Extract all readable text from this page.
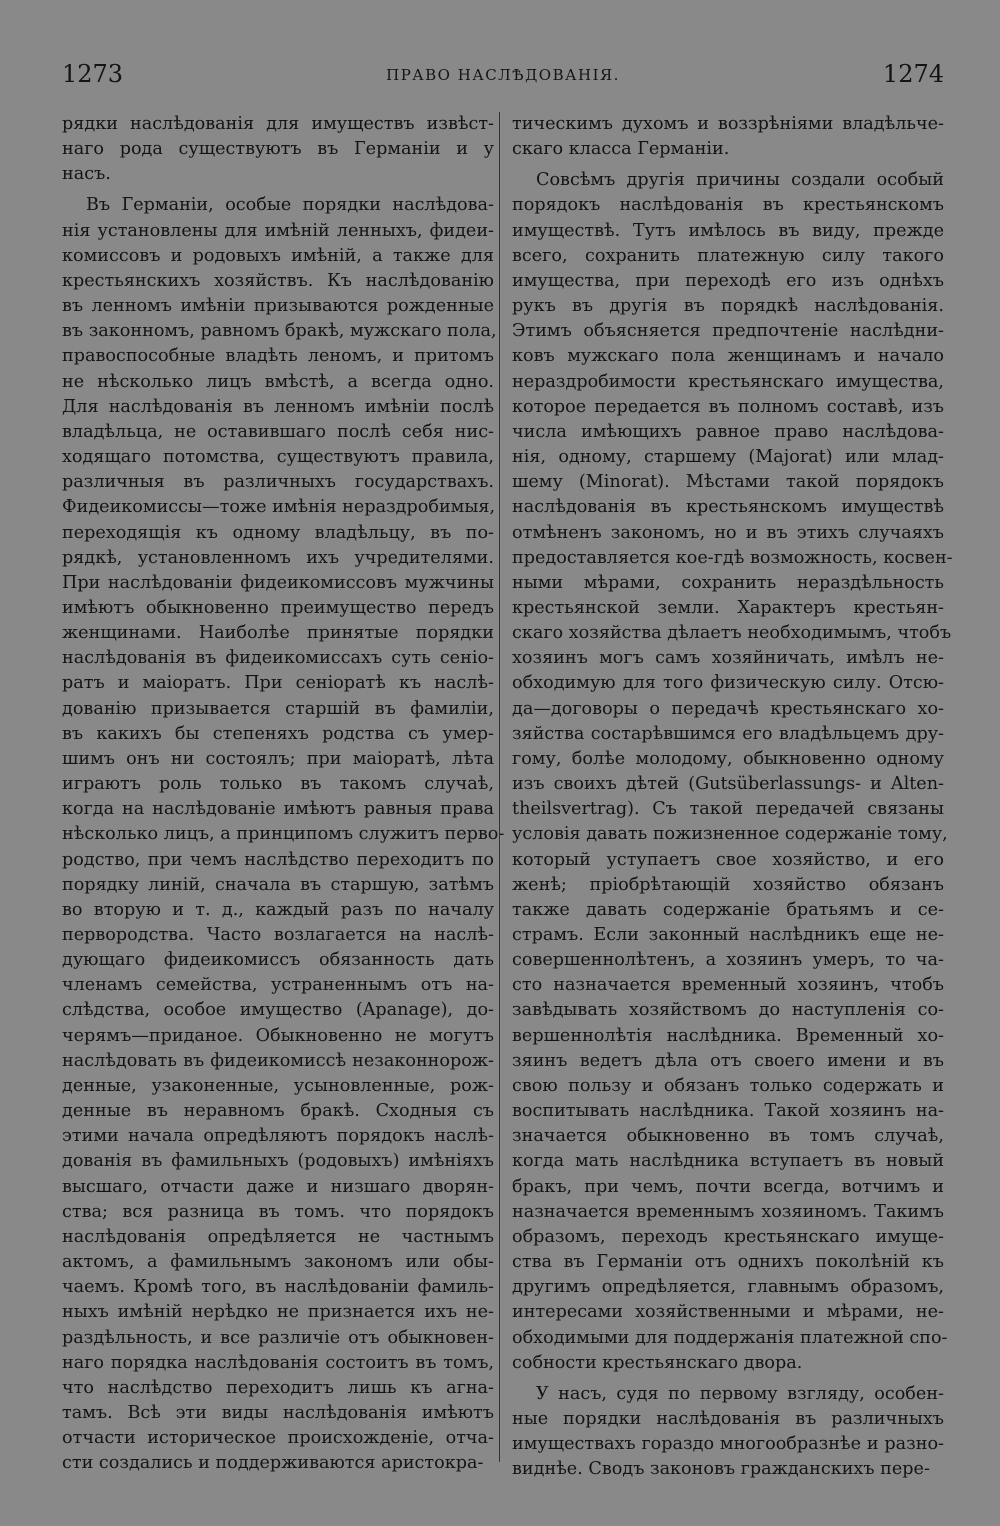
1273	ПРАВО НАСЛѢДОВАНІЯ.	1274
рядки наслѣдованія для имуществъ извѣст-
наго рода существуютъ въ Германіи и у
насъ.
Въ Германіи, особые порядки наслѣдова-
нія установлены для имѣній ленныхъ, фидеи-
комиссовъ и родовыхъ имѣній, а также для
крестьянскихъ хозяйствъ. Къ наслѣдованію
въ ленномъ имѣніи призываются рожденные
въ законномъ, равномъ бракѣ, мужскаго пола,
правоспособные владѣть леномъ, и притомъ
не нѣсколько лицъ вмѣстѣ, а всегда одно.
Для наслѣдованія въ ленномъ имѣніи послѣ
владѣльца, не оставившаго послѣ себя нис-
ходящаго потомства, существуютъ правила,
различныя въ различныхъ государствахъ.
Фидеикомиссы—тоже имѣнія нераздробимыя,
переходящія къ одному владѣльцу, въ по-
рядкѣ, установленномъ ихъ учредителями.
При наслѣдованіи фидеикомиссовъ мужчины
имѣютъ обыкновенно преимущество передъ
женщинами. Наиболѣе принятые порядки
наслѣдованія въ фидеикомиссахъ суть сеніо-
ратъ и маіоратъ. При сеніоратѣ къ наслѣ-
дованію призывается старшій въ фамиліи,
въ какихъ бы степеняхъ родства съ умер-
шимъ онъ ни состоялъ; при маіоратѣ, лѣта
играютъ роль только въ такомъ случаѣ,
когда на наслѣдованіе имѣютъ равныя права
нѣсколько лицъ, а принципомъ служитъ перво-
родство, при чемъ наслѣдство переходитъ по
порядку линій, сначала въ старшую, затѣмъ
во вторую и т. д., каждый разъ по началу
первородства. Часто возлагается на наслѣ-
дующаго фидеикомиссъ обязанность дать
членамъ семейства, устраненнымъ отъ на-
слѣдства, особое имущество (Apanage), до-
черямъ—приданое. Обыкновенно не могутъ
наслѣдовать въ фидеикомиссѣ незаконнорож-
денные, узаконенные, усыновленные, рож-
денные въ неравномъ бракѣ. Сходныя съ
этими начала опредѣляютъ порядокъ наслѣ-
дованія въ фамильныхъ (родовыхъ) имѣніяхъ
высшаго, отчасти даже и низшаго дворян-
ства; вся разница въ томъ. что порядокъ
наслѣдованія опредѣляется не частнымъ
актомъ, а фамильнымъ закономъ или обы-
чаемъ. Кромѣ того, въ наслѣдованіи фамиль-
ныхъ имѣній нерѣдко не признается ихъ не-
раздѣльность, и все различіе отъ обыкновен-
наго порядка наслѣдованія состоитъ въ томъ,
что наслѣдство переходитъ лишь къ агна-
тамъ. Всѣ эти виды наслѣдованія имѣютъ
отчасти историческое происхожденіе, отча-
сти создались и поддерживаются аристокра-
тическимъ духомъ и воззрѣніями владѣльче-
скаго класса Германіи.
Совсѣмъ другія причины создали особый
порядокъ наслѣдованія въ крестьянскомъ
имуществѣ. Тутъ имѣлось въ виду, прежде
всего, сохранить платежную силу такого
имущества, при переходѣ его изъ однѣхъ
рукъ въ другія въ порядкѣ наслѣдованія.
Этимъ объясняется предпочтеніе наслѣдни-
ковъ мужскаго пола женщинамъ и начало
нераздробимости крестьянскаго имущества,
которое передается въ полномъ составѣ, изъ
числа имѣющихъ равное право наслѣдова-
нія, одному, старшему (Majorat) или млад-
шему (Minorat). Мѣстами такой порядокъ
наслѣдованія въ крестьянскомъ имуществѣ
отмѣненъ закономъ, но и въ этихъ случаяхъ
предоставляется кое-гдѣ возможность, косвен-
ными мѣрами, сохранить нераздѣльность
крестьянской земли. Характеръ крестьян-
скаго хозяйства дѣлаетъ необходимымъ, чтобъ
хозяинъ могъ самъ хозяйничать, имѣлъ не-
обходимую для того физическую силу. Отсю-
да—договоры о передачѣ крестьянскаго хо-
зяйства состарѣвшимся его владѣльцемъ дру-
гому, болѣе молодому, обыкновенно одному
изъ своихъ дѣтей (Gutsüberlassungs- и Alten-
theilsvertrag). Съ такой передачей связаны
условія давать пожизненное содержаніе тому,
который уступаетъ свое хозяйство, и его
женѣ; пріобрѣтающій хозяйство обязанъ
также давать содержаніе братьямъ и се-
страмъ. Если законный наслѣдникъ еще не-
совершеннолѣтенъ, а хозяинъ умеръ, то ча-
сто назначается временный хозяинъ, чтобъ
завѣдывать хозяйствомъ до наступленія со-
вершеннолѣтія наслѣдника. Временный хо-
зяинъ ведетъ дѣла отъ своего имени и въ
свою пользу и обязанъ только содержать и
воспитывать наслѣдника. Такой хозяинъ на-
значается обыкновенно въ томъ случаѣ,
когда мать наслѣдника вступаетъ въ новый
бракъ, при чемъ, почти всегда, вотчимъ и
назначается временнымъ хозяиномъ. Такимъ
образомъ, переходъ крестьянскаго имуще-
ства въ Германіи отъ однихъ поколѣній къ
другимъ опредѣляется, главнымъ образомъ,
интересами хозяйственными и мѣрами, не-
обходимыми для поддержанія платежной спо-
собности крестьянскаго двора.
У насъ, судя по первому взгляду, особен-
ные порядки наслѣдованія въ различныхъ
имуществахъ гораздо многообразнѣе и разно-
виднѣе. Сводъ законовъ гражданскихъ пере-
